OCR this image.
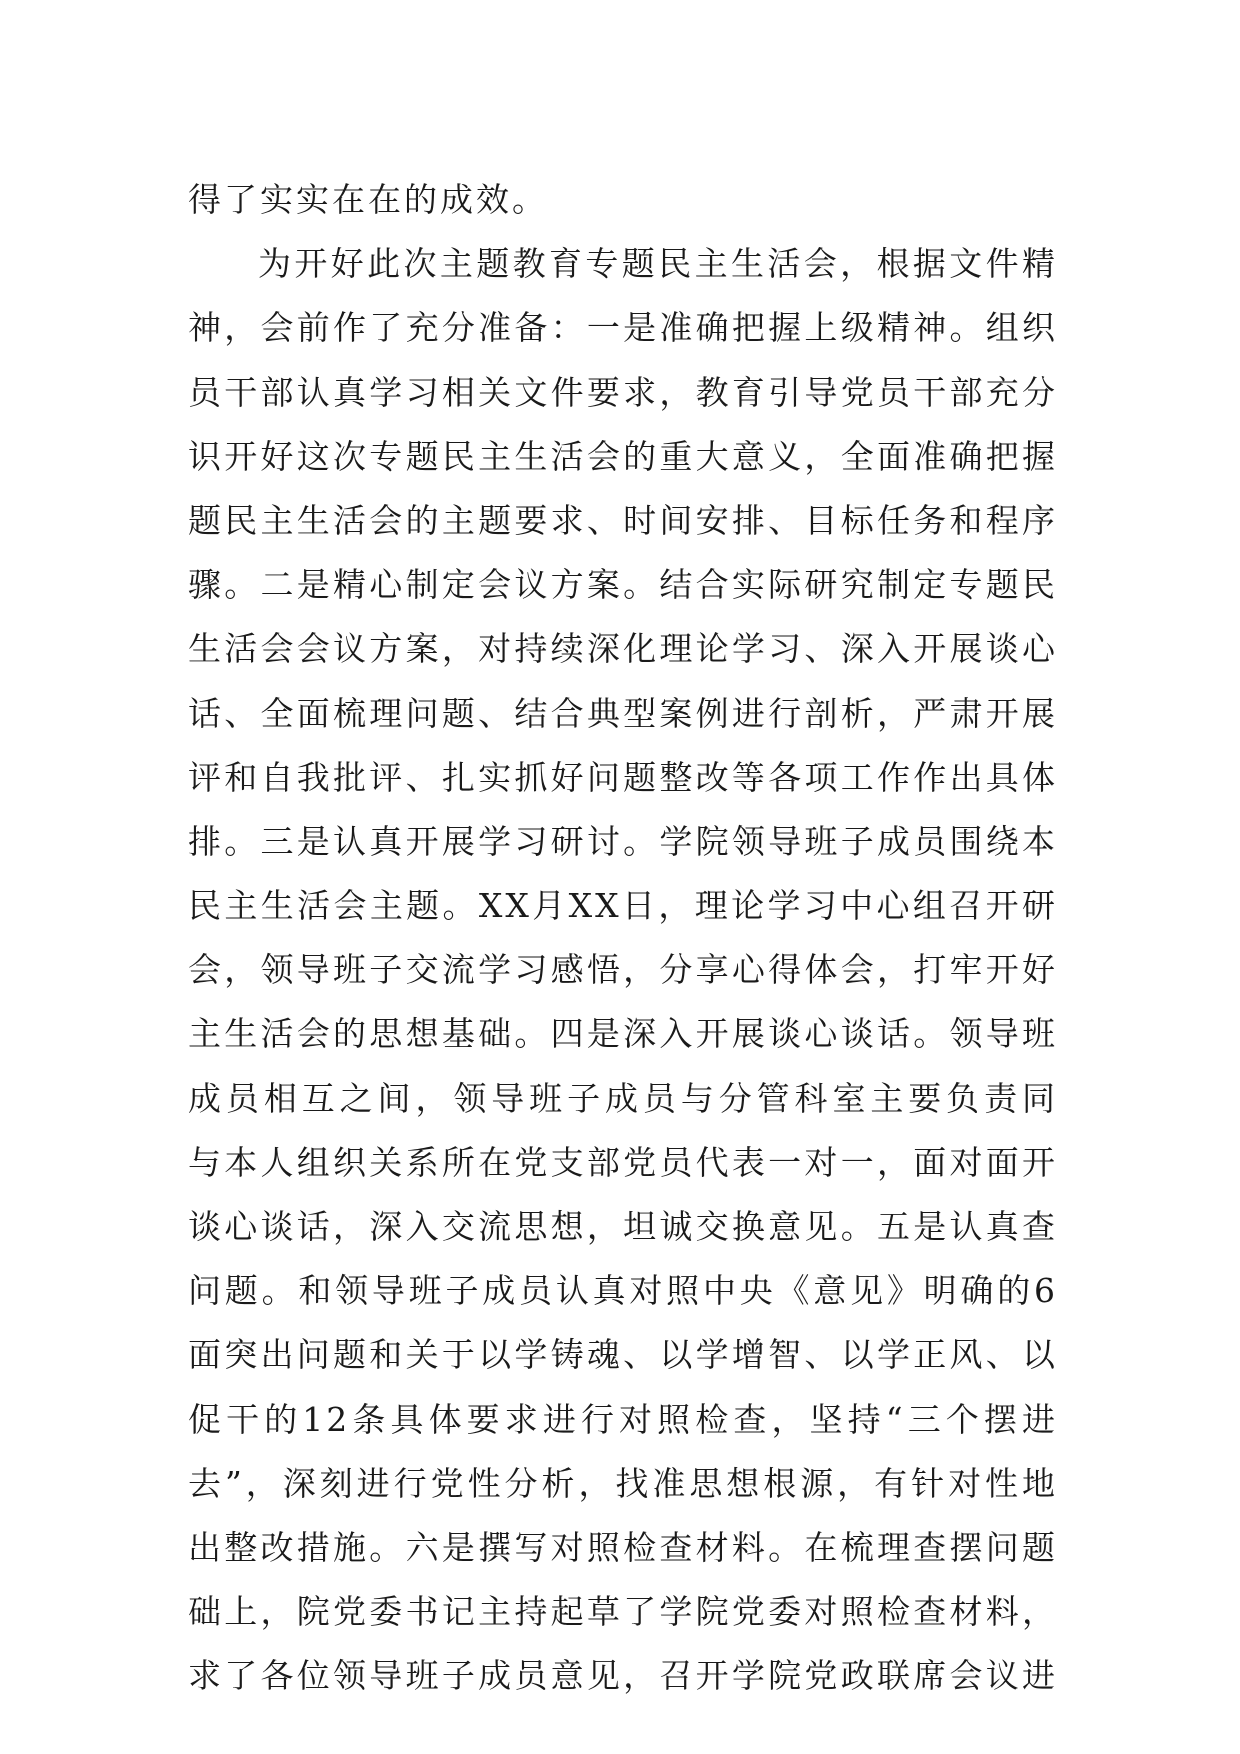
得了实实在在的成效。
为开好此次主题教育专题民主生活会，根据文件精
神，会前作了充分准备：一是准确把握上级精神。组织
员干部认真学习相关文件要求，教育引导党员干部充分
识开好这次专题民主生活会的重大意义，全面准确把握
题民主生活会的主题要求、时间安排、目标任务和程序
骤。二是精心制定会议方案。结合实际研究制定专题民
生活会会议方案，对持续深化理论学习、深入开展谈心
话、全面梳理问题、结合典型案例进行剖析，严肃开展
评和自我批评、扎实抓好问题整改等各项工作作出具体
排。三是认真开展学习研讨。学院领导班子成员围绕本
民主生活会主题。XX月XX日，理论学习中心组召开研
会，领导班子交流学习感悟，分享心得体会，打牢开好
主生活会的思想基础。四是深入开展谈心谈话。领导班
成员相互之间，领导班子成员与分管科室主要负责同
与本人组织关系所在党支部党员代表一对一，面对面开
谈心谈话，深入交流思想，坦诚交换意见。五是认真查
问题。和领导班子成员认真对照中央《意见》明确的6
面突出问题和关于以学铸魂、以学增智、以学正风、以
促干的12条具体要求进行对照检查，坚持“三个摆进
去”，深刻进行党性分析，找准思想根源，有针对性地
出整改措施。六是撰写对照检查材料。在梳理查摆问题
础上，院党委书记主持起草了学院党委对照检查材料，
求了各位领导班子成员意见，召开学院党政联席会议进
